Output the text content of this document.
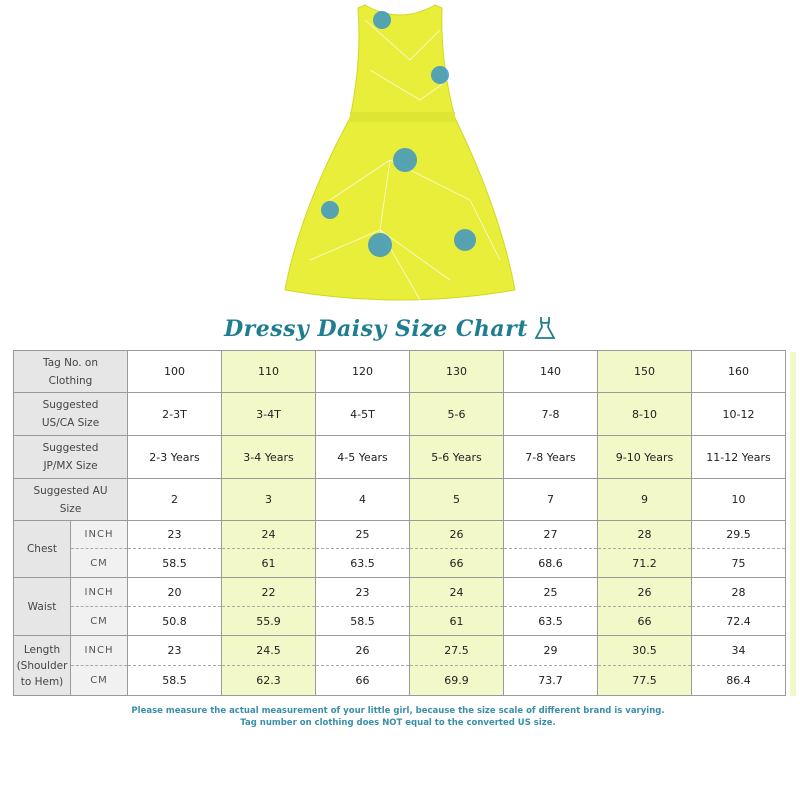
Dressy Daisy Size Chart
Tag No. on Clothing		100	110	120	130	140	150	160
Suggested US/CA Size		2-3T	3-4T	4-5T	5-6	7-8	8-10	10-12
Suggested JP/MX Size		2-3 Years	3-4 Years	4-5 Years	5-6 Years	7-8 Years	9-10 Years	11-12 Years
Suggested AU Size		2	3	4	5	7	9	10
Chest	INCH	23	24	25	26	27	28	29.5
	CM	58.5	61	63.5	66	68.6	71.2	75
Waist	INCH	20	22	23	24	25	26	28
	CM	50.8	55.9	58.5	61	63.5	66	72.4
Length (Shoulder to Hem)	INCH	23	24.5	26	27.5	29	30.5	34
	CM	58.5	62.3	66	69.9	73.7	77.5	86.4
Please measure the actual measurement of your little girl, because the size scale of different brand is varying.
Tag number on clothing does NOT equal to the converted US size.
